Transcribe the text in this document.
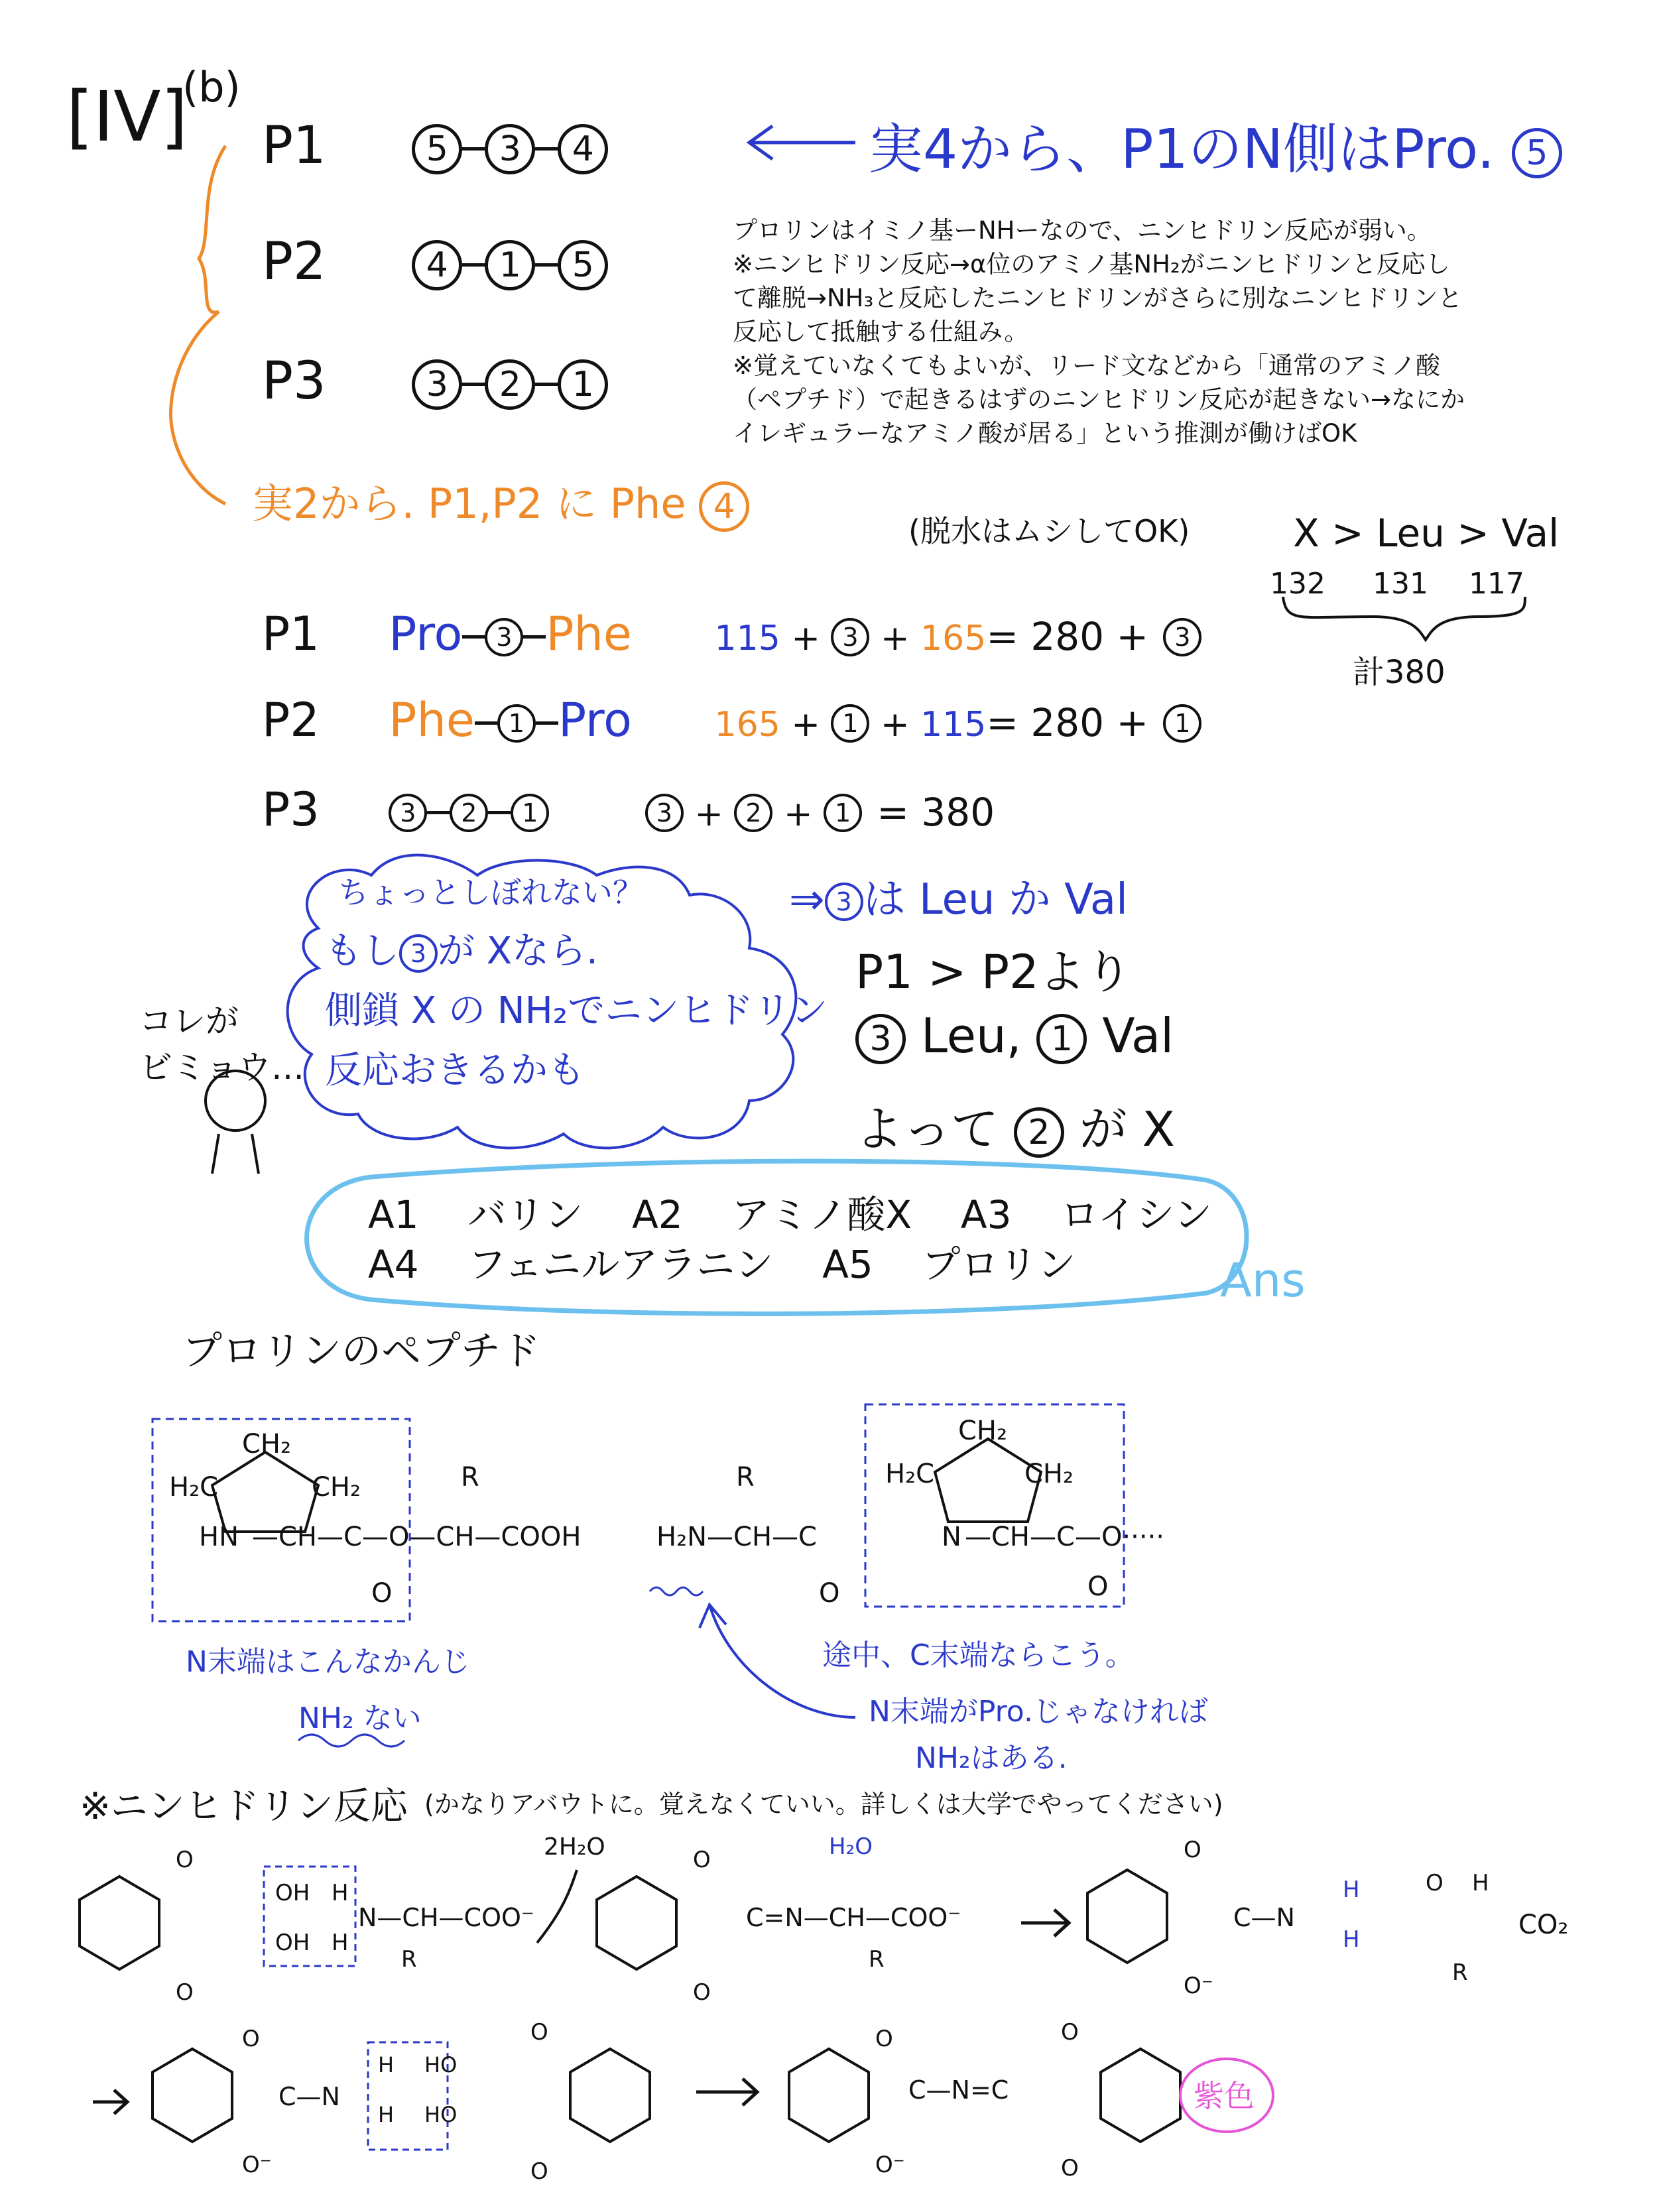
[IV]
(b)
P1	5 3 4
P2	4 1 5
P3	3 2 1
実4から、P1のN側はPro. 5
プロリンはイミノ基ーNHーなので、ニンヒドリン反応が弱い。
※ニンヒドリン反応→α位のアミノ基NH₂がニンヒドリンと反応し
て離脱→NH₃と反応したニンヒドリンがさらに別なニンヒドリンと
反応して抵触する仕組み。
※覚えていなくてもよいが、リード文などから「通常のアミノ酸
（ペプチド）で起きるはずのニンヒドリン反応が起きない→なにか
イレギュラーなアミノ酸が居る」という推測が働けばOK
実2から. P1,P2 に Phe 4
(脱水はムシしてOK)	X > Leu > Val
132 131 117
計380
P1 Pro 3 Phe 115 + 3 + 165= 280 + 3
P2 Phe 1 Pro 165 + 1 + 115= 280 + 1
P3	3 2 1	3 + 2 + 1 = 380
ちょっとしぼれない？
もし 3 が Xなら.
側鎖 X の NH₂でニンヒドリン
反応おきるかも
コレが
ビミョウ…
⇒ 3 は Leu か Val
P1 > P2より
3 Leu, 1 Val
よって 2 が X
A1 バリン A2 アミノ酸X A3 ロイシン
A4 フェニルアラニン A5 プロリン	Ans
プロリンのペプチド
CH₂
H₂C	CH₂
HN —CH—C—O—CH—COOH
R
O
R
H₂N—CH—C
CH₂
H₂C	CH₂
N —CH—C—O·····
O	O
N末端はこんなかんじ
NH₂ ない
途中、C末端ならこう。
N末端がPro.じゃなければ
NH₂はある.
※ニンヒドリン反応 (かなりアバウトに。覚えなくていい。詳しくは大学でやってください)
O
O
OH
OH
H
H
N—CH—COO⁻
R
2H₂O	O
O
H₂O
C=N—CH—COO⁻
R
O
O⁻
C—N
H
H
O H
R
CO₂
O
O⁻
C—N
H
H
HO
HO
O
O
O
O⁻
C—N=C
O
O
紫色
